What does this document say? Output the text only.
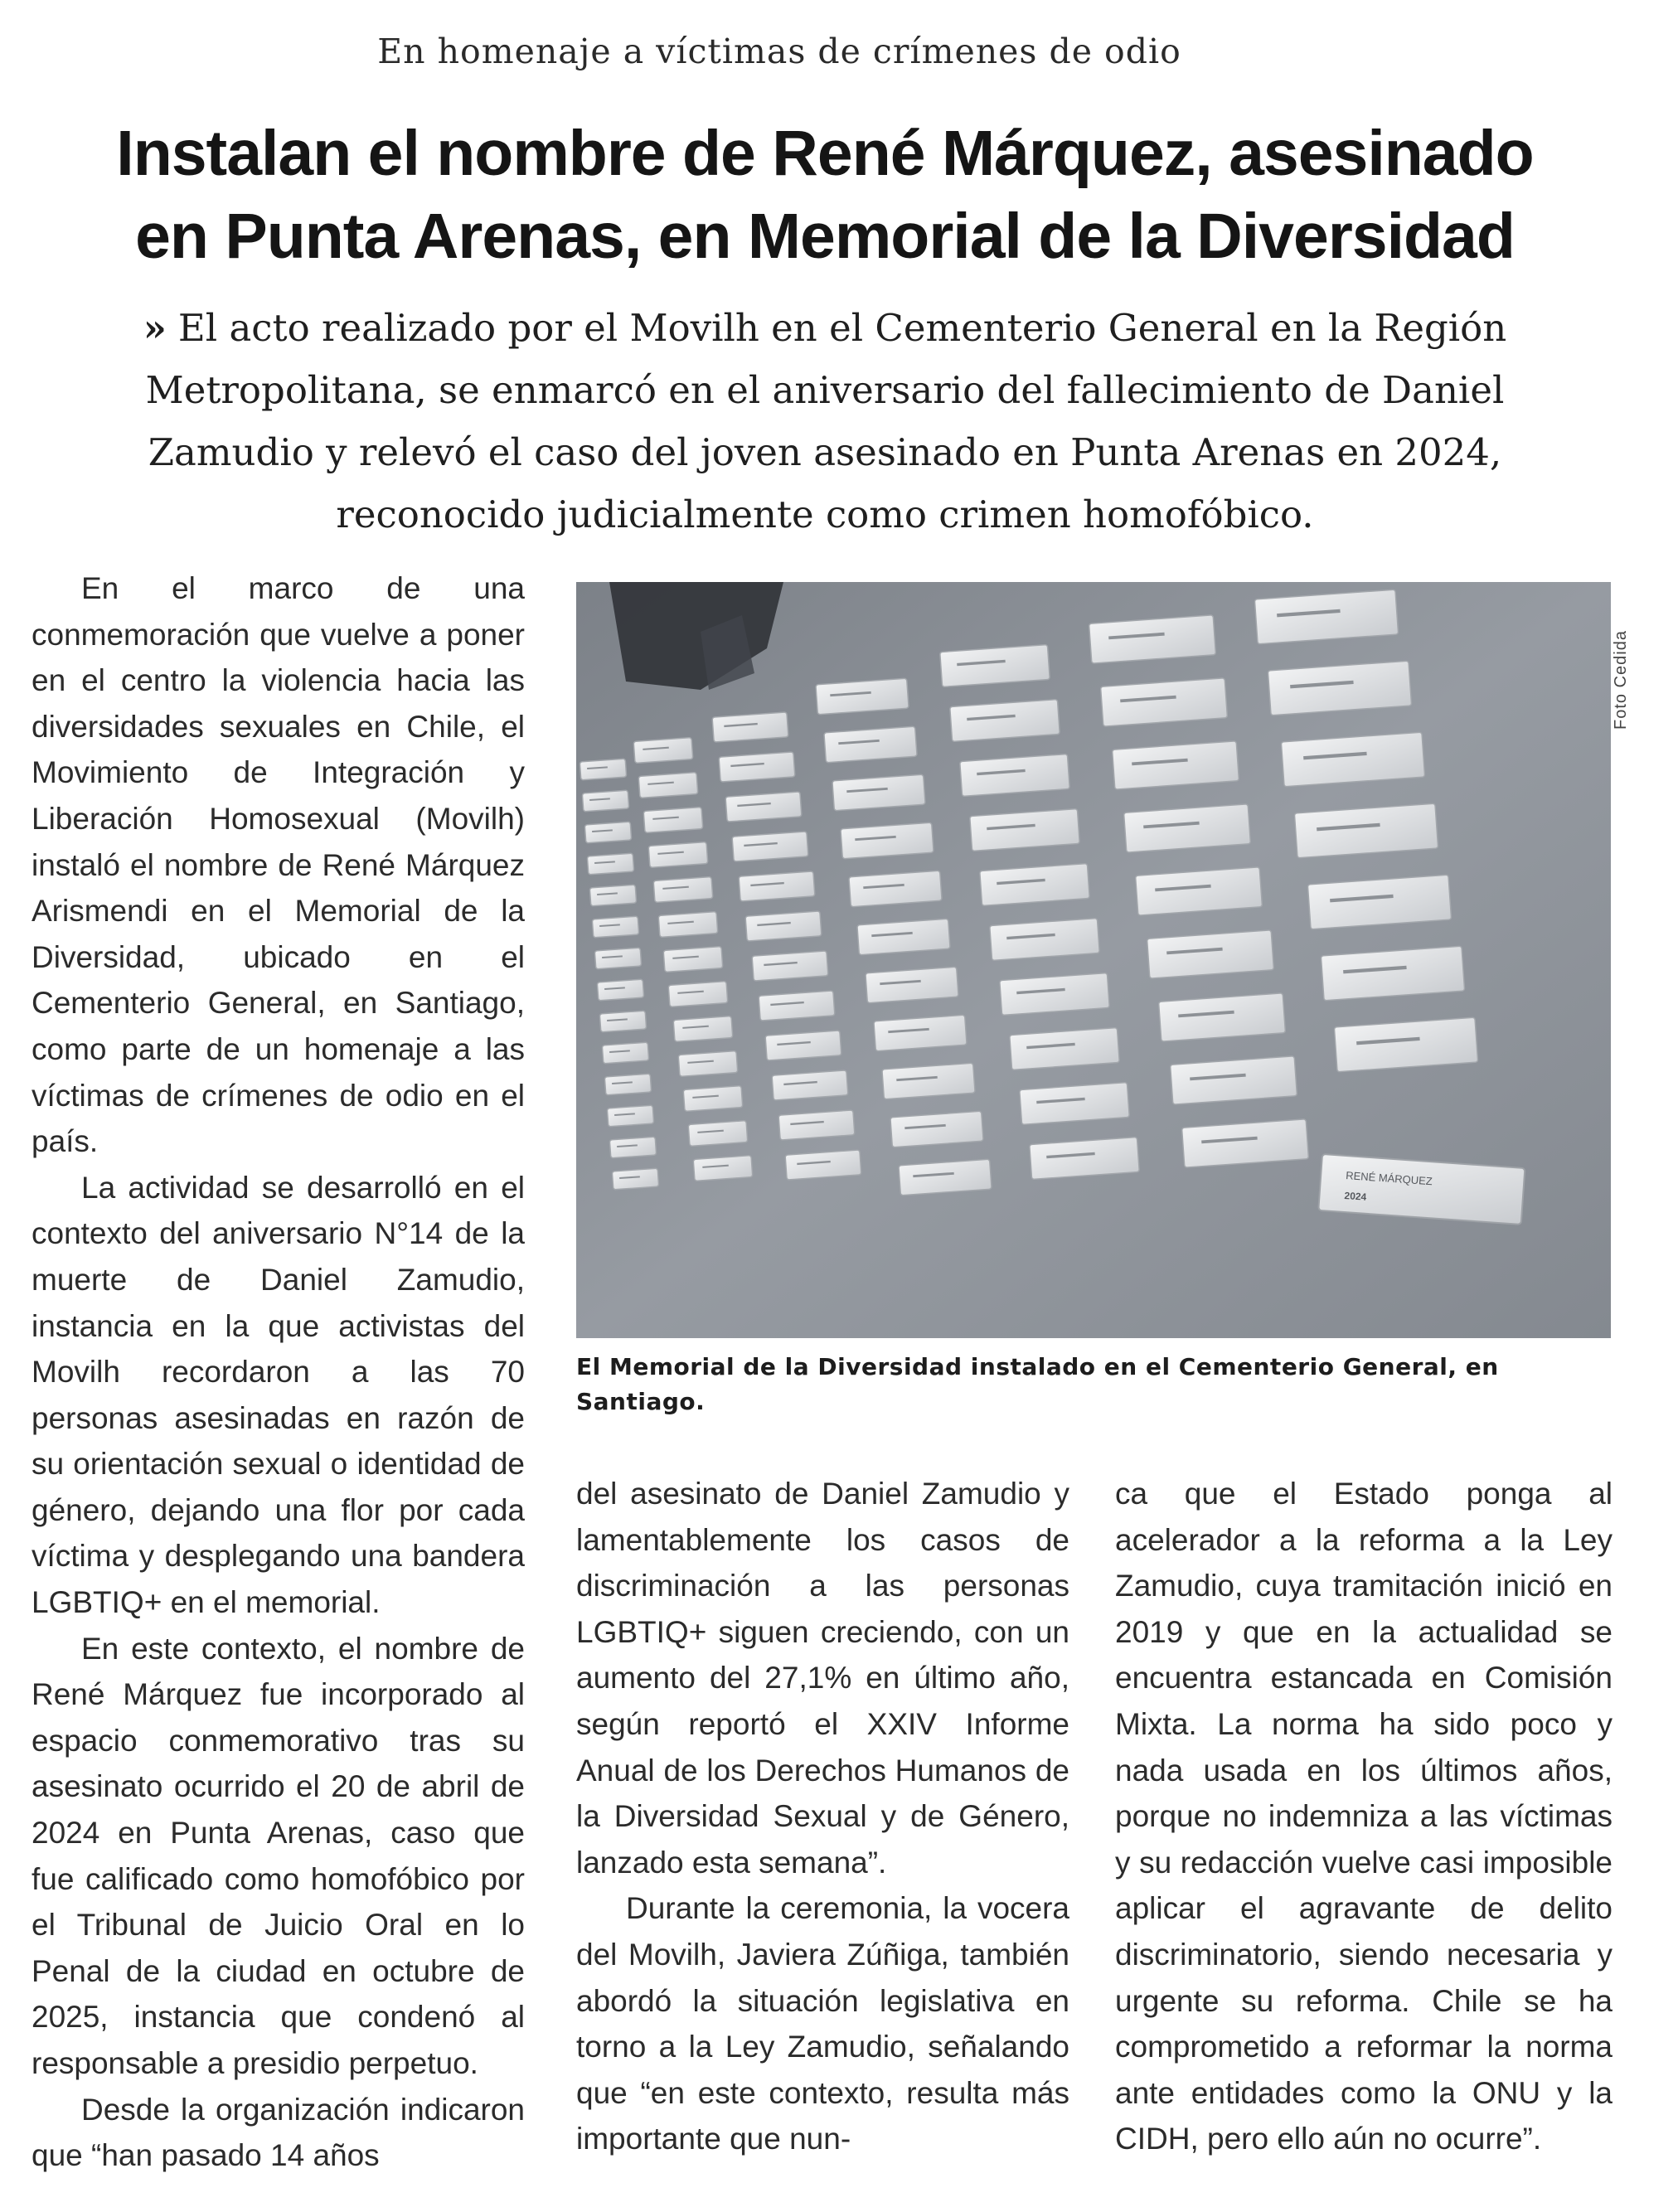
En homenaje a víctimas de crímenes de odio
Instalan el nombre de René Márquez, asesinado
en Punta Arenas, en Memorial de la Diversidad

» El acto realizado por el Movilh en el Cementerio General en la Región Metropolitana, se enmarcó en el aniversario del fallecimiento de Daniel Zamudio y relevó el caso del joven asesinado en Punta Arenas en 2024, reconocido judicialmente como crimen homofóbico.

En el marco de una conmemoración que vuelve a poner en el centro la violencia hacia las diversidades sexuales en Chile, el Movimiento de Integración y Liberación Homosexual (Movilh) instaló el nombre de René Márquez Arismendi en el Memorial de la Diversidad, ubicado en el Cementerio General, en Santiago, como parte de un homenaje a las víctimas de crímenes de odio en el país.

La actividad se desarrolló en el contexto del aniversario N°14 de la muerte de Daniel Zamudio, instancia en la que activistas del Movilh recordaron a las 70 personas asesinadas en razón de su orientación sexual o identidad de género, dejando una flor por cada víctima y desplegando una bandera LGBTIQ+ en el memorial.

En este contexto, el nombre de René Márquez fue incorporado al espacio conmemorativo tras su asesinato ocurrido el 20 de abril de 2024 en Punta Arenas, caso que fue calificado como homofóbico por el Tribunal de Juicio Oral en lo Penal de la ciudad en octubre de 2025, instancia que condenó al responsable a presidio perpetuo.

Desde la organización indicaron que “han pasado 14 años

RENÉ MÁRQUEZ
2024
Foto Cedida

El Memorial de la Diversidad instalado en el Cementerio General, en Santiago.

del asesinato de Daniel Zamudio y lamentablemente los casos de discriminación a las personas LGBTIQ+ siguen creciendo, con un aumento del 27,1% en último año, según reportó el XXIV Informe Anual de los Derechos Humanos de la Diversidad Sexual y de Género, lanzado esta semana”.

Durante la ceremonia, la vocera del Movilh, Javiera Zúñiga, también abordó la situación legislativa en torno a la Ley Zamudio, señalando que “en este contexto, resulta más importante que nun-

ca que el Estado ponga al acelerador a la reforma a la Ley Zamudio, cuya tramitación inició en 2019 y que en la actualidad se encuentra estancada en Comisión Mixta. La norma ha sido poco y nada usada en los últimos años, porque no indemniza a las víctimas y su redacción vuelve casi imposible aplicar el agravante de delito discriminatorio, siendo necesaria y urgente su reforma. Chile se ha comprometido a reformar la norma ante entidades como la ONU y la CIDH, pero ello aún no ocurre”.
